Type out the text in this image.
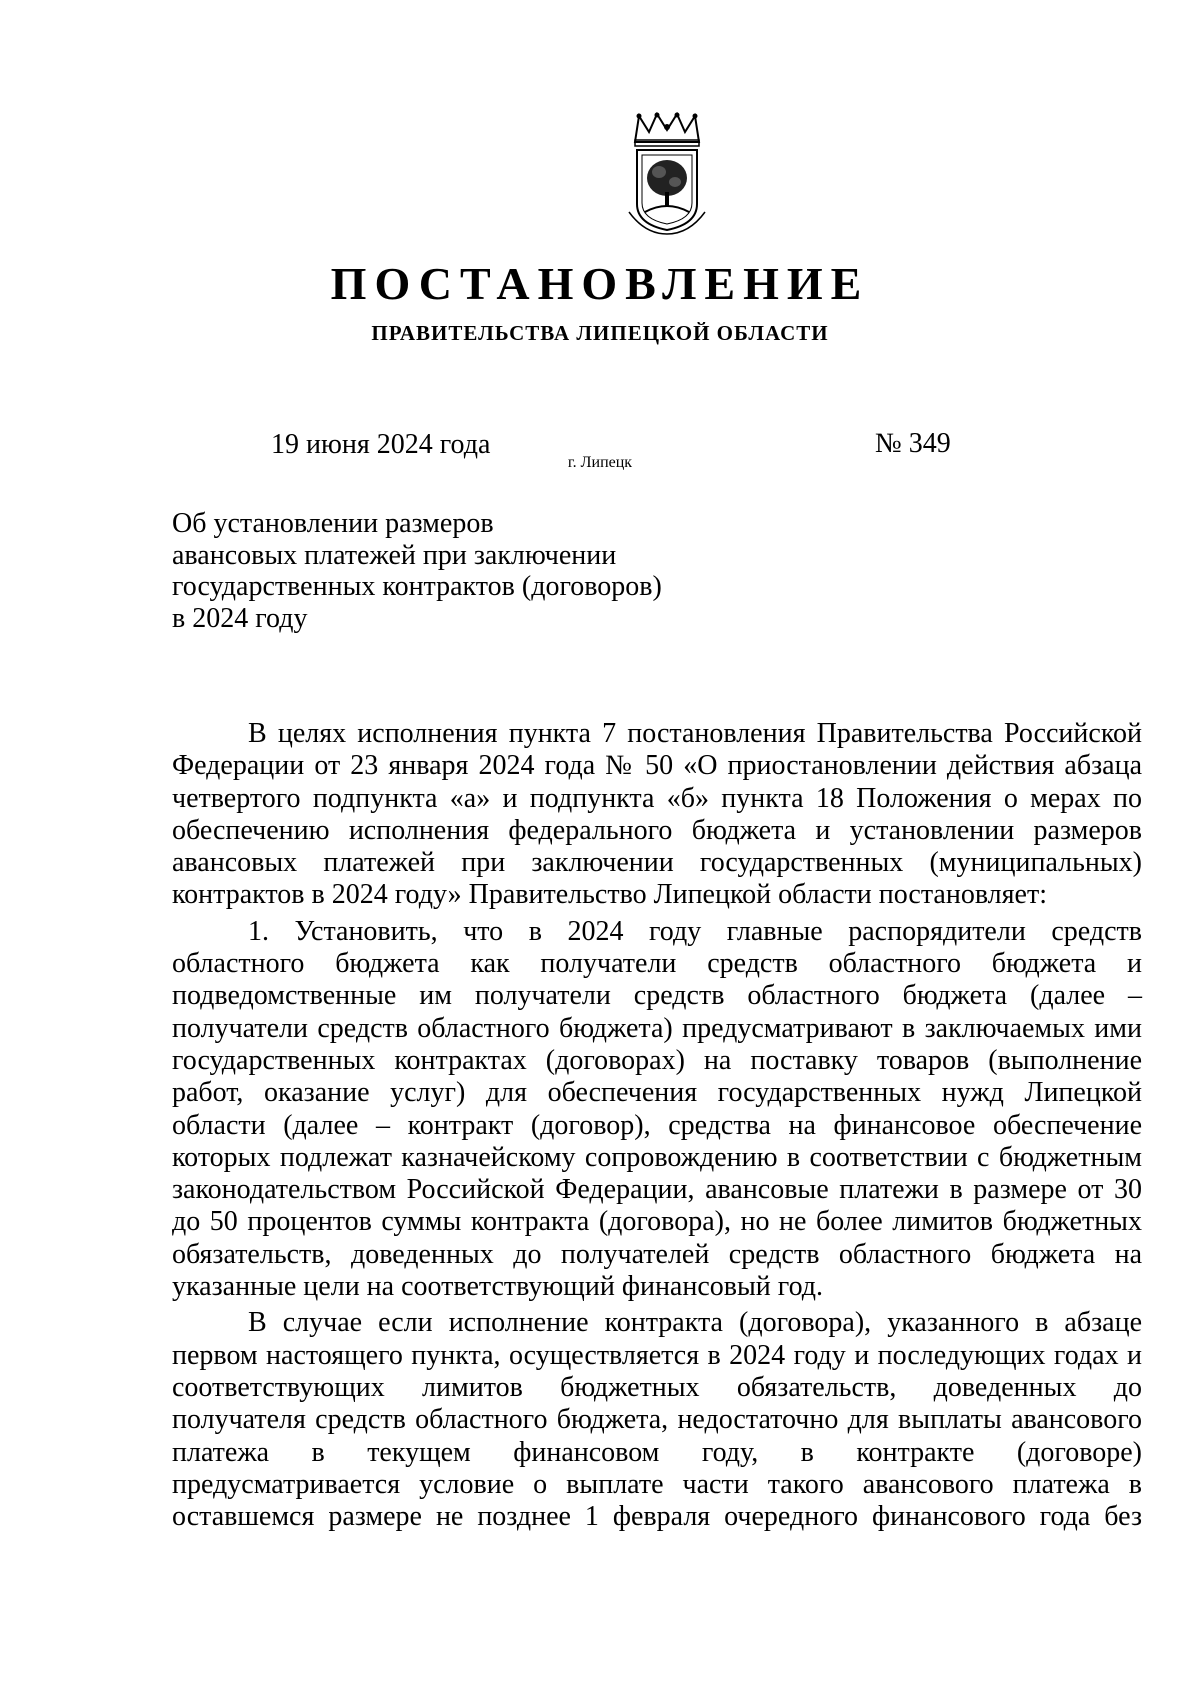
ПОСТАНОВЛЕНИЕ
ПРАВИТЕЛЬСТВА ЛИПЕЦКОЙ ОБЛАСТИ
19 июня 2024 года
г. Липецк
№ 349
Об установлении размеров
авансовых платежей при заключении
государственных контрактов (договоров)
в 2024 году
В целях исполнения пункта 7 постановления Правительства Российской
Федерации от 23 января 2024 года № 50 «О приостановлении действия абзаца
четвертого подпункта «а» и подпункта «б» пункта 18 Положения о мерах по
обеспечению исполнения федерального бюджета и установлении размеров
авансовых платежей при заключении государственных (муниципальных)
контрактов в 2024 году» Правительство Липецкой области постановляет:
1. Установить, что в 2024 году главные распорядители средств
областного бюджета как получатели средств областного бюджета и
подведомственные им получатели средств областного бюджета (далее –
получатели средств областного бюджета) предусматривают в заключаемых ими
государственных контрактах (договорах) на поставку товаров (выполнение
работ, оказание услуг) для обеспечения государственных нужд Липецкой
области (далее – контракт (договор), средства на финансовое обеспечение
которых подлежат казначейскому сопровождению в соответствии с бюджетным
законодательством Российской Федерации, авансовые платежи в размере от 30
до 50 процентов суммы контракта (договора), но не более лимитов бюджетных
обязательств, доведенных до получателей средств областного бюджета на
указанные цели на соответствующий финансовый год.
В случае если исполнение контракта (договора), указанного в абзаце
первом настоящего пункта, осуществляется в 2024 году и последующих годах и
соответствующих лимитов бюджетных обязательств, доведенных до
получателя средств областного бюджета, недостаточно для выплаты авансового
платежа в текущем финансовом году, в контракте (договоре)
предусматривается условие о выплате части такого авансового платежа в
оставшемся размере не позднее 1 февраля очередного финансового года без
